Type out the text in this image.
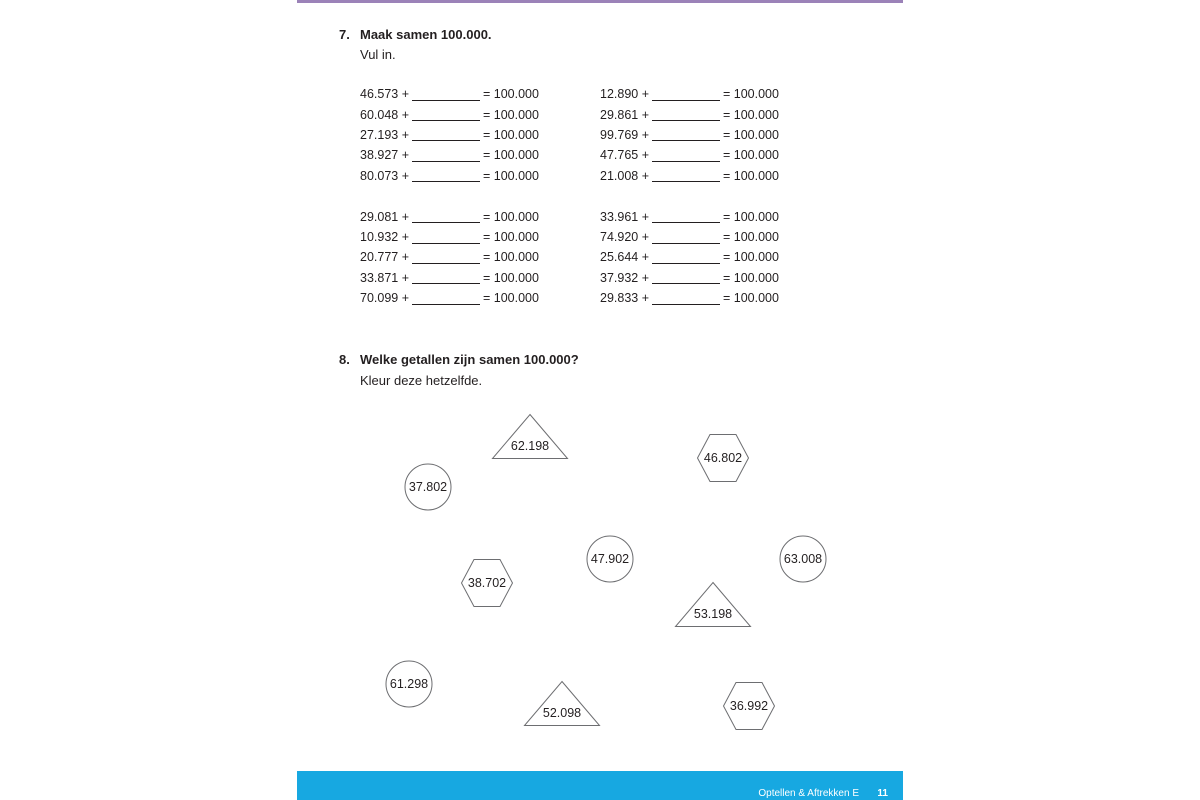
7. Maak samen 100.000.
Vul in.
46.573 +	= 100.000
60.048 +	= 100.000
27.193 +	= 100.000
38.927 +	= 100.000
80.073 +	= 100.000
29.081 +	= 100.000
10.932 +	= 100.000
20.777 +	= 100.000
33.871 +	= 100.000
70.099 +	= 100.000
12.890 +	= 100.000
29.861 +	= 100.000
99.769 +	= 100.000
47.765 +	= 100.000
21.008 +	= 100.000
33.961 +	= 100.000
74.920 +	= 100.000
25.644 +	= 100.000
37.932 +	= 100.000
29.833 +	= 100.000
8. Welke getallen zijn samen 100.000?
Kleur deze hetzelfde.
62.198
46.802
37.802
47.902	63.008
38.702
53.198
61.298
52.098	36.992
Optellen & Aftrekken E 11
